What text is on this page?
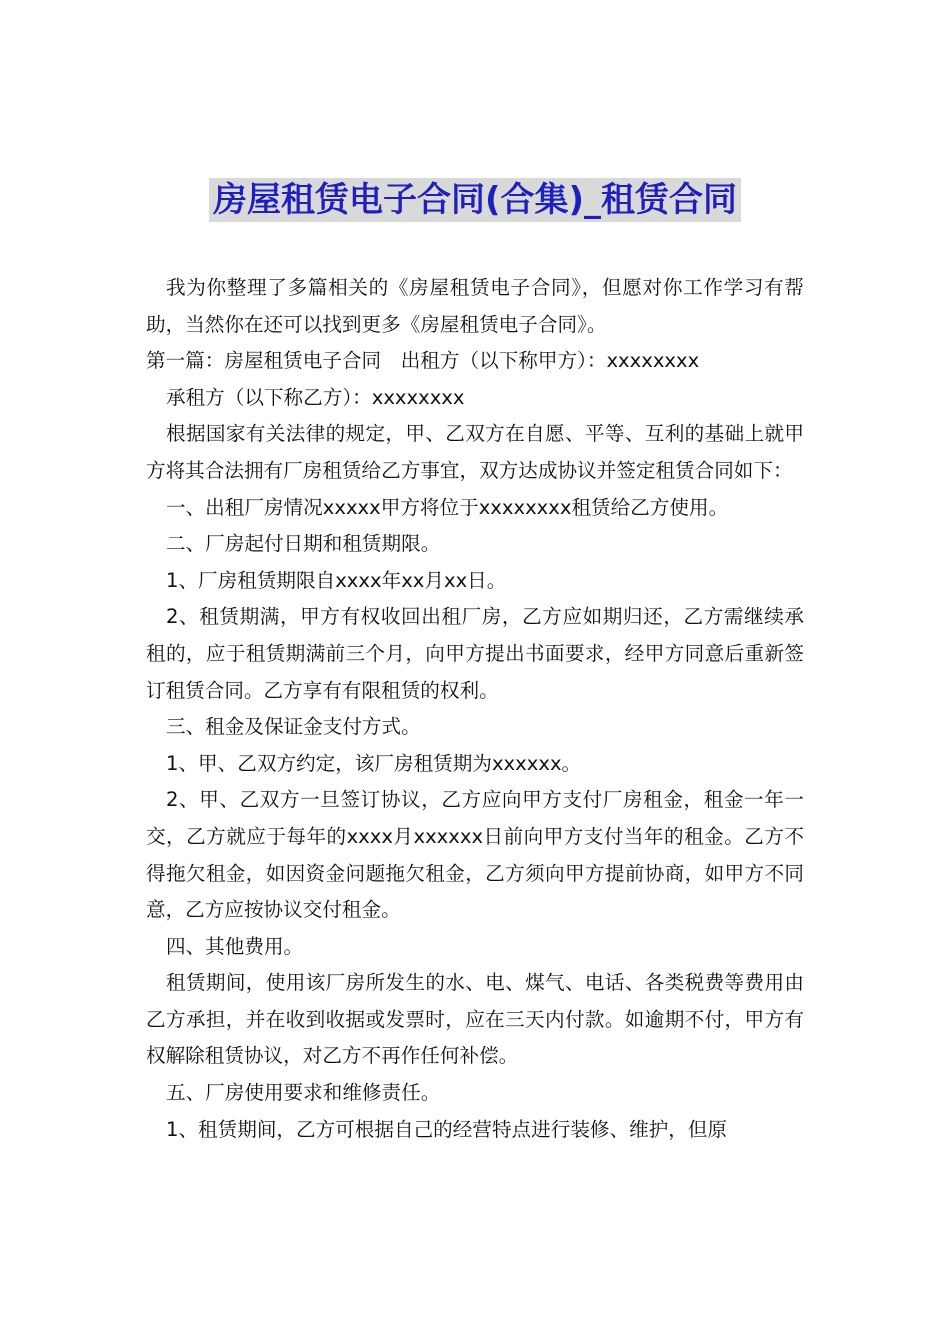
房屋租赁电子合同(合集)_租赁合同

我为你整理了多篇相关的《房屋租赁电子合同》，但愿对你工作学习有帮助，当然你在还可以找到更多《房屋租赁电子合同》。

第一篇：房屋租赁电子合同　出租方（以下称甲方）：xxxxxxxx

承租方（以下称乙方）：xxxxxxxx

根据国家有关法律的规定，甲、乙双方在自愿、平等、互利的基础上就甲方将其合法拥有厂房租赁给乙方事宜，双方达成协议并签定租赁合同如下：

一、出租厂房情况xxxxx甲方将位于xxxxxxxx租赁给乙方使用。

二、厂房起付日期和租赁期限。

1、厂房租赁期限自xxxx年xx月xx日。

2、租赁期满，甲方有权收回出租厂房，乙方应如期归还，乙方需继续承租的，应于租赁期满前三个月，向甲方提出书面要求，经甲方同意后重新签订租赁合同。乙方享有有限租赁的权利。

三、租金及保证金支付方式。

1、甲、乙双方约定，该厂房租赁期为xxxxxx。

2、甲、乙双方一旦签订协议，乙方应向甲方支付厂房租金，租金一年一交，乙方就应于每年的xxxx月xxxxxx日前向甲方支付当年的租金。乙方不得拖欠租金，如因资金问题拖欠租金，乙方须向甲方提前协商，如甲方不同意，乙方应按协议交付租金。

四、其他费用。

租赁期间，使用该厂房所发生的水、电、煤气、电话、各类税费等费用由乙方承担，并在收到收据或发票时，应在三天内付款。如逾期不付，甲方有权解除租赁协议，对乙方不再作任何补偿。

五、厂房使用要求和维修责任。

1、租赁期间，乙方可根据自己的经营特点进行装修、维护，但原
